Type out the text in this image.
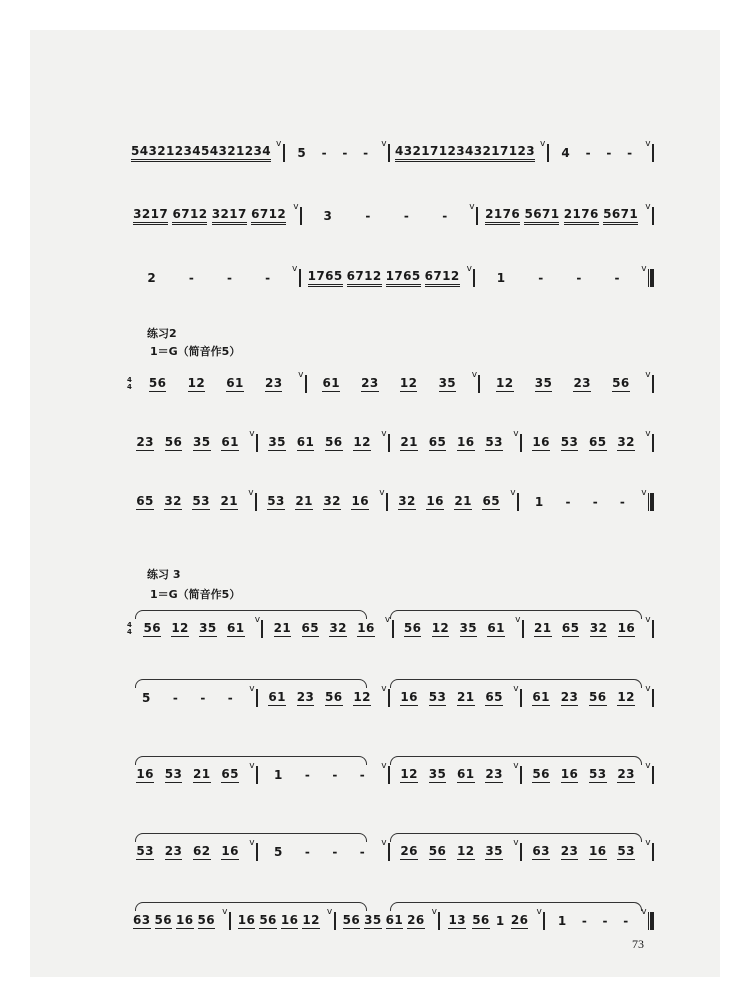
5432 1234 5432 1234 v
5 - - -
v 4321 7123 4321 7123 v
4 - - -
v
3217 6712 3217 6712 v
3	-	-	-
v 2176 5671 2176 5671 v
2	-	-	-
v 1765 6712 1765 6712 v
1	-	-	-
v
练习2
1＝G（简音作5）
4
4 56 12 61 23
v
61 23 12 35
v
12 35 23 56
v
23 56 35 61
v
35 61 56 12
v
21 65 16 53
v
16 53 65 32
v
65 32 53 21
v
53 21 32 16
v
32 16 21 65
v
1 - - -
v
练习 3
1＝G（简音作5）
4
4 56 12 35 61
v
21 65 32 16
v
56 12 35 61
v
21 65 32 16
v
5 - - -
v
61 23 56 12
v
16 53 21 65
v
61 23 56 12
v
16 53 21 65
v
1 - - -
v
12 35 61 23
v
56 16 53 23
v
53 23 62 16
v
5 - - -
v
26 56 12 35
v
63 23 16 53
v
63 56 16 56
v
16 56 16 12
v
56 35 61 26
v
13 56 1 26
v
1 - - -
v
73
